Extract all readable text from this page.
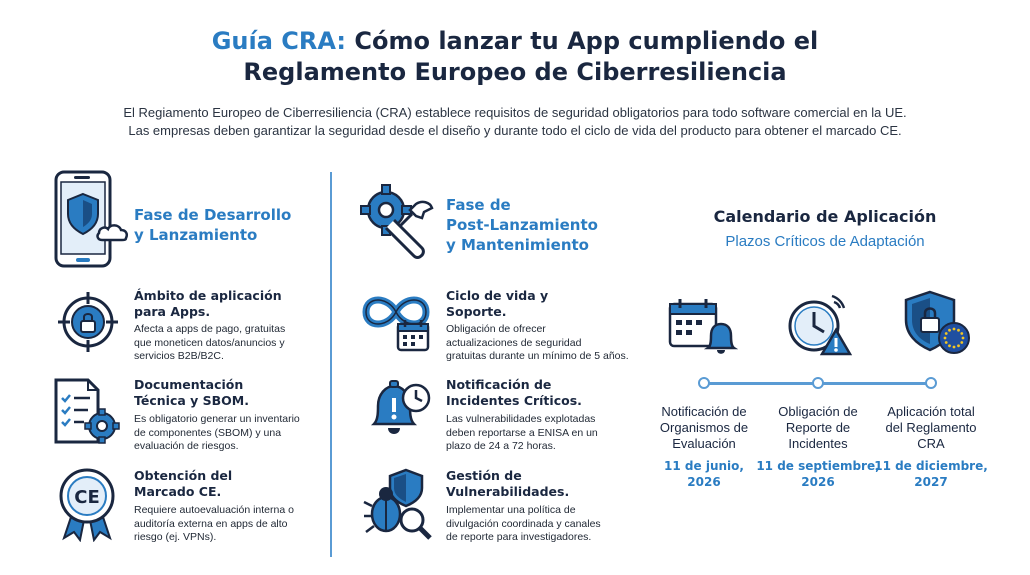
Guía CRA: Cómo lanzar tu App cumpliendo el
Reglamento Europeo de Ciberresiliencia
El Regiamento Europeo de Ciberresiliencia (CRA) establece requisitos de seguridad obligatorios para todo software comercial en la UE.
Las empresas deben garantizar la seguridad desde el diseño y durante todo el ciclo de vida del producto para obtener el marcado CE.
Fase de Desarrollo
y Lanzamiento
Ámbito de aplicación
para Apps.
Afecta a apps de pago, gratuitas
que moneticen datos/anuncios y
servicios B2B/B2C.
Documentación
Técnica y SBOM.
Es obligatorio generar un inventario
de componentes (SBOM) y una
evaluación de riesgos.
CE
Obtención del
Marcado CE.
Requiere autoevaluación interna o
auditoría externa en apps de alto
riesgo (ej. VPNs).
Fase de
Post-Lanzamiento
y Mantenimiento
Ciclo de vida y
Soporte.
Obligación de ofrecer
actualizaciones de seguridad
gratuitas durante un mínimo de 5 años.
Notificación de
Incidentes Críticos.
Las vulnerabilidades explotadas
deben reportarse a ENISA en un
plazo de 24 a 72 horas.
Gestión de
Vulnerabilidades.
Implementar una política de
divulgación coordinada y canales
de reporte para investigadores.
Calendario de Aplicación
Plazos Críticos de Adaptación
Notificación de
Organismos de
Evaluación
Obligación de
Reporte de
Incidentes
Aplicación total
del Reglamento
CRA
11 de junio,
2026
11 de septiembre,
2026
11 de diciembre,
2027
